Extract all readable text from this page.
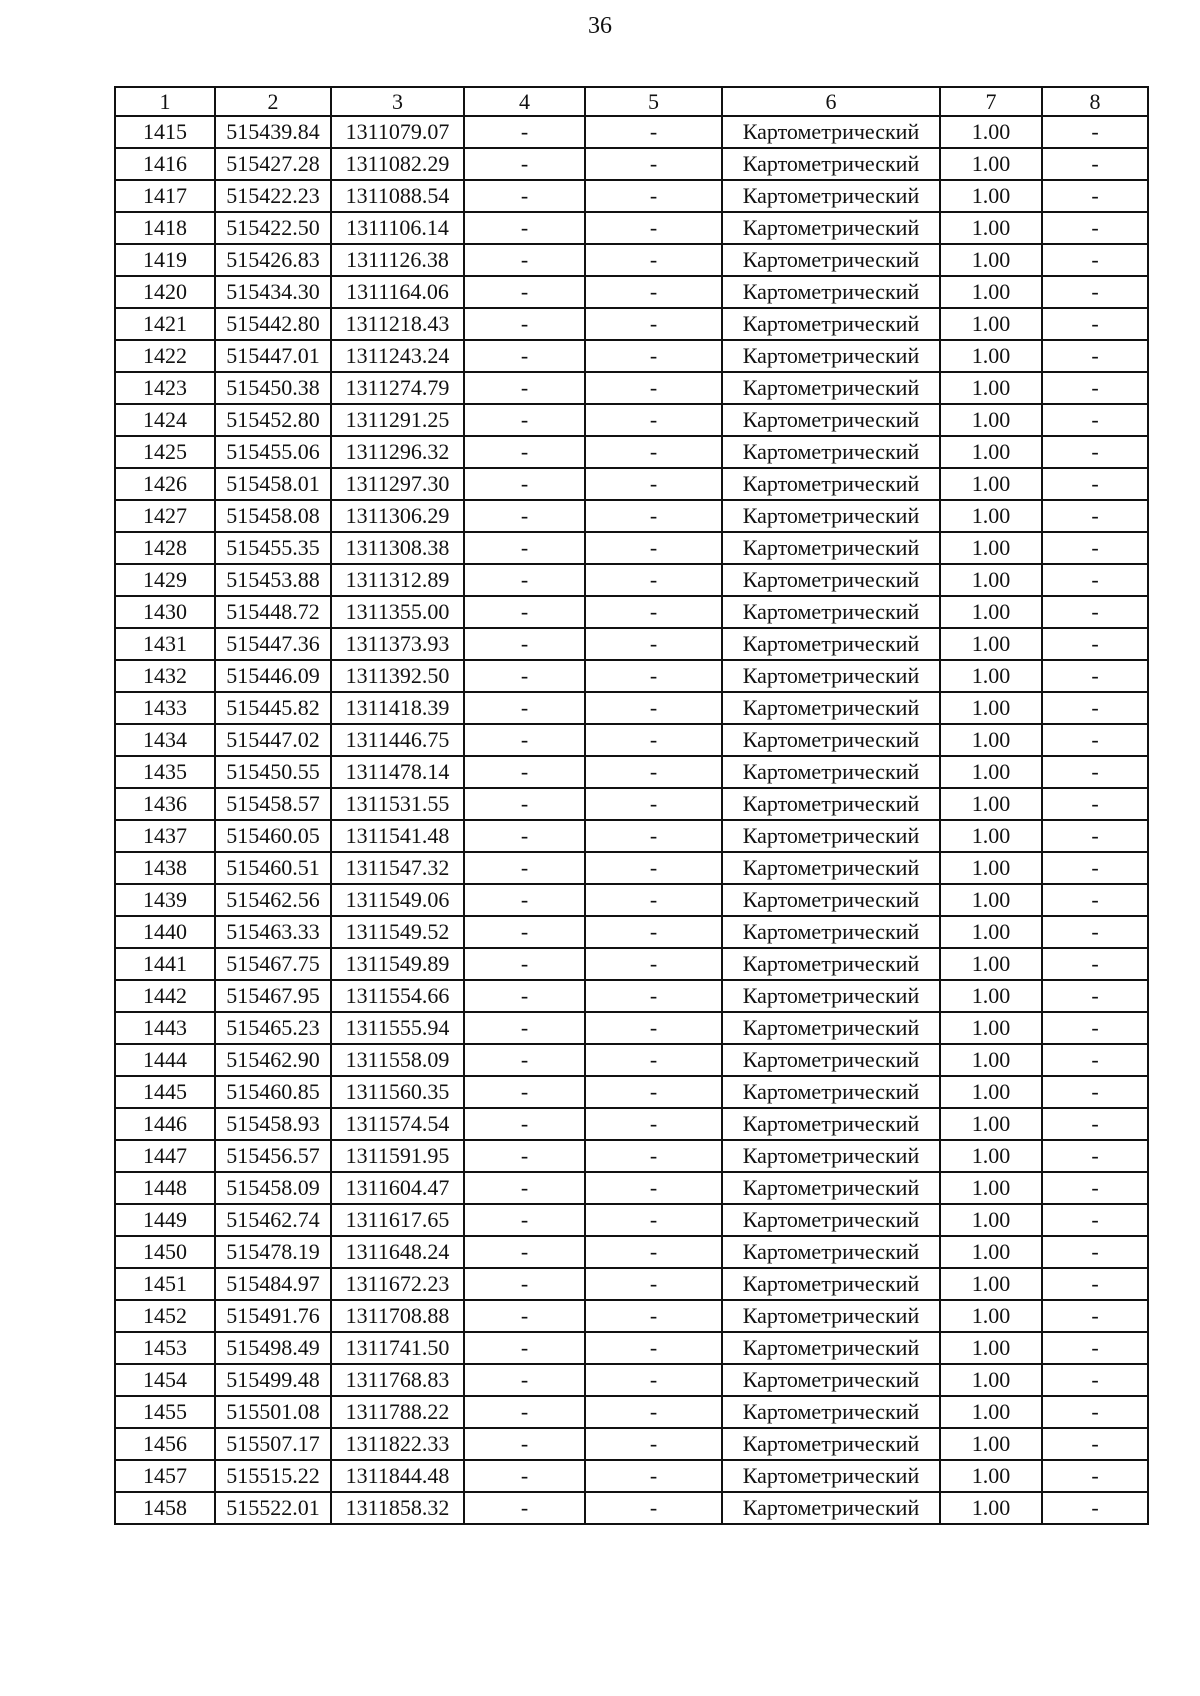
36
1	2	3	4	5	6	7	8
1415	515439.84	1311079.07	-	-	Картометрический	1.00	-
1416	515427.28	1311082.29	-	-	Картометрический	1.00	-
1417	515422.23	1311088.54	-	-	Картометрический	1.00	-
1418	515422.50	1311106.14	-	-	Картометрический	1.00	-
1419	515426.83	1311126.38	-	-	Картометрический	1.00	-
1420	515434.30	1311164.06	-	-	Картометрический	1.00	-
1421	515442.80	1311218.43	-	-	Картометрический	1.00	-
1422	515447.01	1311243.24	-	-	Картометрический	1.00	-
1423	515450.38	1311274.79	-	-	Картометрический	1.00	-
1424	515452.80	1311291.25	-	-	Картометрический	1.00	-
1425	515455.06	1311296.32	-	-	Картометрический	1.00	-
1426	515458.01	1311297.30	-	-	Картометрический	1.00	-
1427	515458.08	1311306.29	-	-	Картометрический	1.00	-
1428	515455.35	1311308.38	-	-	Картометрический	1.00	-
1429	515453.88	1311312.89	-	-	Картометрический	1.00	-
1430	515448.72	1311355.00	-	-	Картометрический	1.00	-
1431	515447.36	1311373.93	-	-	Картометрический	1.00	-
1432	515446.09	1311392.50	-	-	Картометрический	1.00	-
1433	515445.82	1311418.39	-	-	Картометрический	1.00	-
1434	515447.02	1311446.75	-	-	Картометрический	1.00	-
1435	515450.55	1311478.14	-	-	Картометрический	1.00	-
1436	515458.57	1311531.55	-	-	Картометрический	1.00	-
1437	515460.05	1311541.48	-	-	Картометрический	1.00	-
1438	515460.51	1311547.32	-	-	Картометрический	1.00	-
1439	515462.56	1311549.06	-	-	Картометрический	1.00	-
1440	515463.33	1311549.52	-	-	Картометрический	1.00	-
1441	515467.75	1311549.89	-	-	Картометрический	1.00	-
1442	515467.95	1311554.66	-	-	Картометрический	1.00	-
1443	515465.23	1311555.94	-	-	Картометрический	1.00	-
1444	515462.90	1311558.09	-	-	Картометрический	1.00	-
1445	515460.85	1311560.35	-	-	Картометрический	1.00	-
1446	515458.93	1311574.54	-	-	Картометрический	1.00	-
1447	515456.57	1311591.95	-	-	Картометрический	1.00	-
1448	515458.09	1311604.47	-	-	Картометрический	1.00	-
1449	515462.74	1311617.65	-	-	Картометрический	1.00	-
1450	515478.19	1311648.24	-	-	Картометрический	1.00	-
1451	515484.97	1311672.23	-	-	Картометрический	1.00	-
1452	515491.76	1311708.88	-	-	Картометрический	1.00	-
1453	515498.49	1311741.50	-	-	Картометрический	1.00	-
1454	515499.48	1311768.83	-	-	Картометрический	1.00	-
1455	515501.08	1311788.22	-	-	Картометрический	1.00	-
1456	515507.17	1311822.33	-	-	Картометрический	1.00	-
1457	515515.22	1311844.48	-	-	Картометрический	1.00	-
1458	515522.01	1311858.32	-	-	Картометрический	1.00	-
